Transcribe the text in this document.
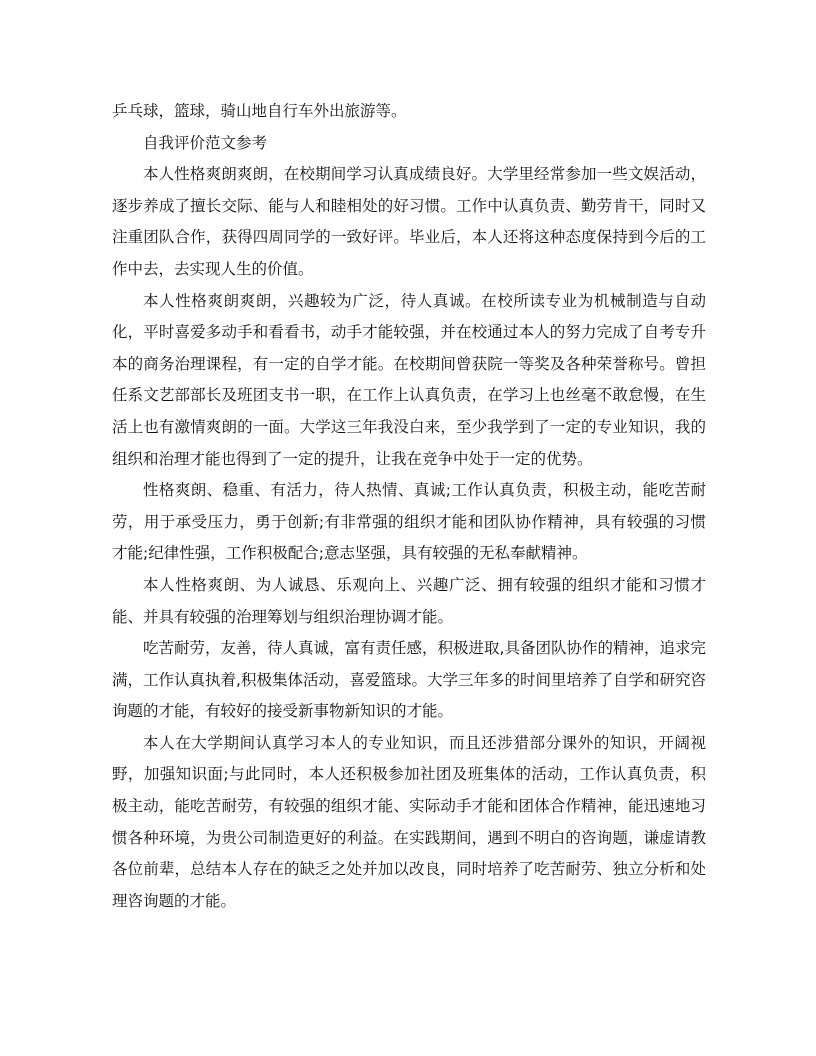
乒乓球，篮球，骑山地自行车外出旅游等。

自我评价范文参考

本人性格爽朗爽朗，在校期间学习认真成绩良好。大学里经常参加一些文娱活动，逐步养成了擅长交际、能与人和睦相处的好习惯。工作中认真负责、勤劳肯干，同时又注重团队合作，获得四周同学的一致好评。毕业后，本人还将这种态度保持到今后的工作中去，去实现人生的价值。

本人性格爽朗爽朗，兴趣较为广泛，待人真诚。在校所读专业为机械制造与自动化，平时喜爱多动手和看看书，动手才能较强，并在校通过本人的努力完成了自考专升本的商务治理课程，有一定的自学才能。在校期间曾获院一等奖及各种荣誉称号。曾担任系文艺部部长及班团支书一职，在工作上认真负责，在学习上也丝毫不敢怠慢，在生活上也有激情爽朗的一面。大学这三年我没白来，至少我学到了一定的专业知识，我的组织和治理才能也得到了一定的提升，让我在竞争中处于一定的优势。

性格爽朗、稳重、有活力，待人热情、真诚;工作认真负责，积极主动，能吃苦耐劳，用于承受压力，勇于创新;有非常强的组织才能和团队协作精神，具有较强的习惯才能;纪律性强，工作积极配合;意志坚强，具有较强的无私奉献精神。

本人性格爽朗、为人诚恳、乐观向上、兴趣广泛、拥有较强的组织才能和习惯才能、并具有较强的治理筹划与组织治理协调才能。

吃苦耐劳，友善，待人真诚，富有责任感，积极进取,具备团队协作的精神，追求完满，工作认真执着,积极集体活动，喜爱篮球。大学三年多的时间里培养了自学和研究咨询题的才能，有较好的接受新事物新知识的才能。

本人在大学期间认真学习本人的专业知识，而且还涉猎部分课外的知识，开阔视野，加强知识面;与此同时，本人还积极参加社团及班集体的活动，工作认真负责，积极主动，能吃苦耐劳，有较强的组织才能、实际动手才能和团体合作精神，能迅速地习惯各种环境，为贵公司制造更好的利益。在实践期间，遇到不明白的咨询题，谦虚请教各位前辈，总结本人存在的缺乏之处并加以改良，同时培养了吃苦耐劳、独立分析和处理咨询题的才能。
